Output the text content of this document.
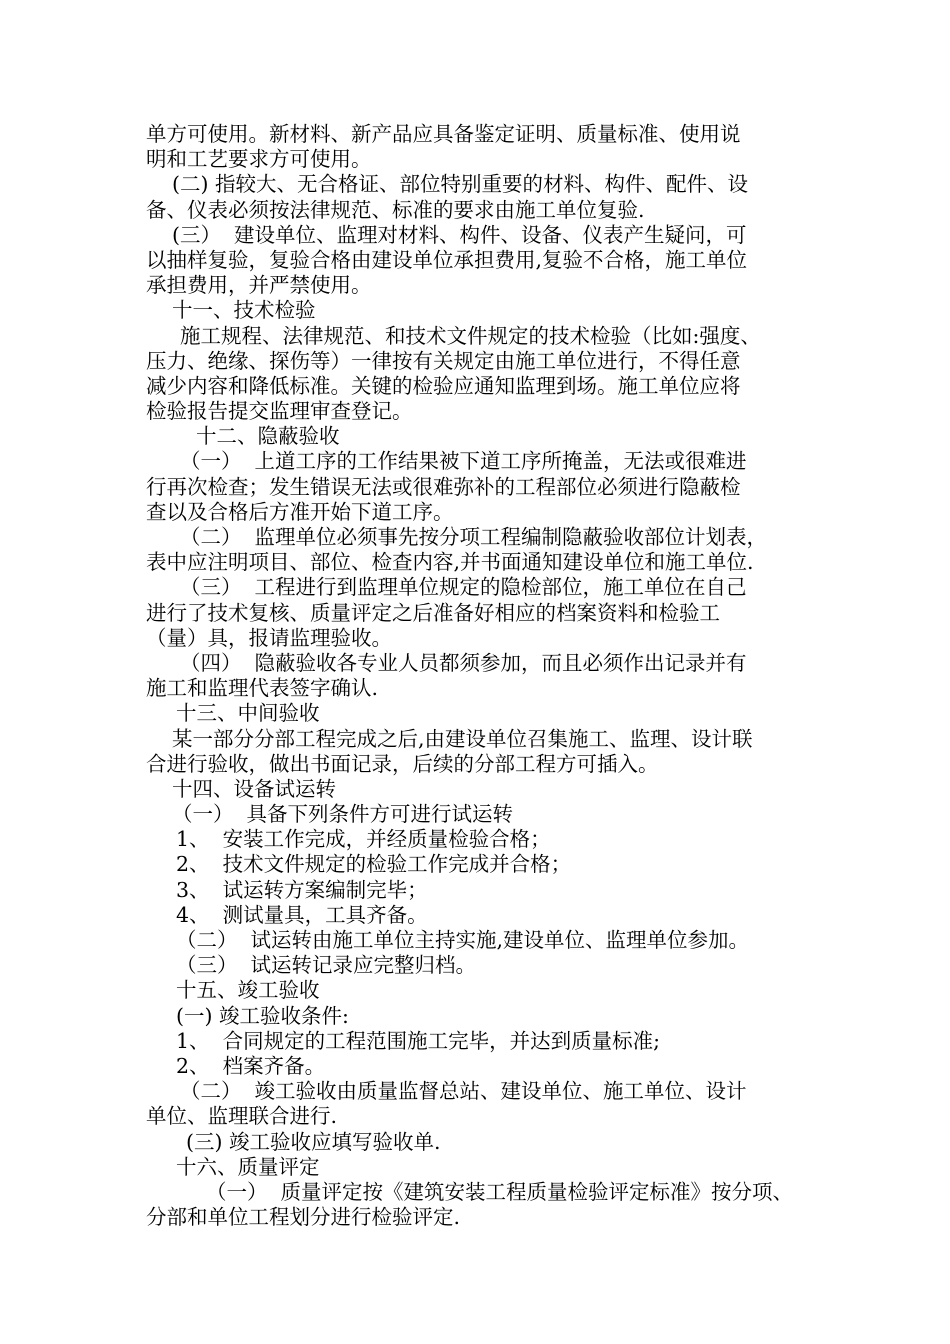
单方可使用。新材料、新产品应具备鉴定证明、质量标准、使用说
明和工艺要求方可使用。
(二) 指较大、无合格证、部位特别重要的材料、构件、配件、设
备、仪表必须按法律规范、标准的要求由施工单位复验.
(三）  建设单位、监理对材料、构件、设备、仪表产生疑问，可
以抽样复验，复验合格由建设单位承担费用,复验不合格，施工单位
承担费用，并严禁使用。
十一、技术检验
施工规程、法律规范、和技术文件规定的技术检验（比如:强度、
压力、绝缘、探伤等）一律按有关规定由施工单位进行，不得任意
减少内容和降低标准。关键的检验应通知监理到场。施工单位应将
检验报告提交监理审查登记。
十二、隐蔽验收
（一）  上道工序的工作结果被下道工序所掩盖，无法或很难进
行再次检查；发生错误无法或很难弥补的工程部位必须进行隐蔽检
查以及合格后方准开始下道工序。
（二）  监理单位必须事先按分项工程编制隐蔽验收部位计划表，
表中应注明项目、部位、检查内容,并书面通知建设单位和施工单位.
（三）  工程进行到监理单位规定的隐检部位，施工单位在自己
进行了技术复核、质量评定之后准备好相应的档案资料和检验工
（量）具，报请监理验收。
（四）  隐蔽验收各专业人员都须参加，而且必须作出记录并有
施工和监理代表签字确认.
十三、中间验收
某一部分分部工程完成之后,由建设单位召集施工、监理、设计联
合进行验收，做出书面记录，后续的分部工程方可插入。
十四、设备试运转
（一）  具备下列条件方可进行试运转
1、  安装工作完成，并经质量检验合格；
2、  技术文件规定的检验工作完成并合格；
3、  试运转方案编制完毕；
4、  测试量具，工具齐备。
（二）  试运转由施工单位主持实施,建设单位、监理单位参加。
（三）  试运转记录应完整归档。
十五、竣工验收
(一) 竣工验收条件:
1、  合同规定的工程范围施工完毕，并达到质量标准;
2、  档案齐备。
（二）  竣工验收由质量监督总站、建设单位、施工单位、设计
单位、监理联合进行.
(三) 竣工验收应填写验收单.
十六、质量评定
（一）  质量评定按《建筑安装工程质量检验评定标准》按分项、
分部和单位工程划分进行检验评定.
